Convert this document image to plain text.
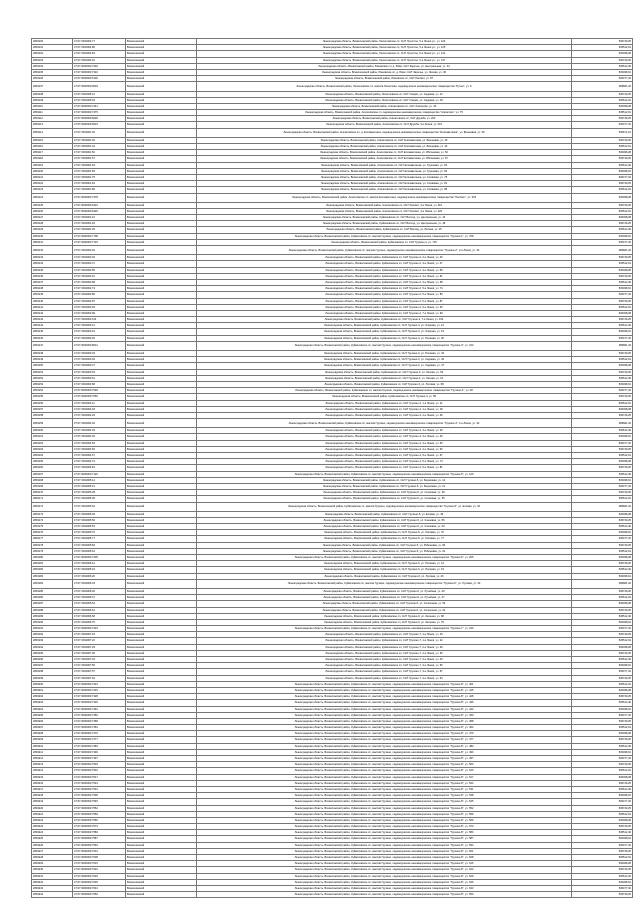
2803100	47:07:1502004:77	Всеволожский	Ленинградская область, Всеволожский район, Лесколовское сп, СНТ Лучистое, 5-я Линия ул., уч. 124	536749,25
2803101	47:07:1502004:80	Всеволожский	Ленинградская область, Всеволожский район, Лесколовское сп, СНТ Лучистое, 5-я Линия ул., уч. 125	536512,91
2803102	47:07:1502004:83	Всеволожский	Ленинградская область, Всеволожский район, Лесколовское сп, СНТ Лучистое, 6-я Линия ул., уч. 131	536498,28
2803103	47:07:1502004:91	Всеволожский	Ленинградская область, Всеволожский район, Лесколовское сп, СНТ Лучистое, 6-я Линия ул., уч. 137	536749,25
2803104	47:07:0000000:7302	Всеволожский	Ленинградская область, Всеволожский район, Юкковское сп, д. Юкки, СНТ Заречье, ул. Центральная, уч. 24	536512,40
2803105	47:07:0000000:7310	Всеволожский	Ленинградская область, Всеволожский район, Юкковское сп, д. Юкки, СНТ Заречье, ул. Лесная, уч. 36	536498,91
2803106	47:07:0000000:5118	Всеволожский	Ленинградская область, Всеволожский район, Юкковское сп, СНТ Рассвет, уч. 87	536477,32
2803107	47:07:0000000:9003	Всеволожский	Ленинградская область, Всеволожский район, Лесколовское сп, массив Лесколово, садоводческое некоммерческое товарищество "Ручьи", уч. 9	489681,32
2803108	47:07:1502005:12	Всеволожский	Ленинградская область, Всеволожский район, Лесколовское сп, СНТ Озерки, ул. Садовая, уч. 12	536749,25
2803109	47:07:1502005:18	Всеволожский	Ленинградская область, Всеволожский район, Лесколовское сп, СНТ Озерки, ул. Садовая, уч. 18	536512,91
2803110	47:07:0000000:7441	Всеволожский	Ленинградская область, Всеволожский район, Агалатовское сп, СНТ Агалатово, уч. 44	536498,28
2803111	47:07:0000000:7475	Всеволожский	Ленинградская область, Всеволожский район, Агалатовское сп, садоводческое некоммерческое товарищество "Агалатово", уч. 75	536512,91
2803112	47:07:0000000:8200	Всеволожский	Ленинградская область, Всеволожский район, Агалатовское сп, СНТ Дружба, уч. 200	536749,25
2803113	47:07:0000000:8215	Всеволожский	Ленинградская область, Всеволожский район, Агалатовское сп, СНТ Дружба, 3-я Линия, уч. 215	536477,32
2803114	47:07:1503001:36	Всеволожский	Ленинградская область, Всеволожский район, Агалатовское сп, д. Елизаветинка, садоводческое некоммерческое товарищество "Елизаветинка", ул. Вишневая, уч. 36	536671,16
2803115	47:07:1503001:40	Всеволожский	Ленинградская область, Всеволожский район, Агалатовское сп, СНТ Елизаветинка, ул. Вишневая, уч. 40	536749,25
2803116	47:07:1503001:44	Всеволожский	Ленинградская область, Всеволожский район, Агалатовское сп, СНТ Елизаветинка, ул. Вишневая, уч. 44	536512,91
2803117	47:07:1503001:52	Всеволожский	Ленинградская область, Всеволожский район, Агалатовское сп, СНТ Елизаветинка, ул. Яблоневая, уч. 52	536498,28
2803118	47:07:1503001:57	Всеволожский	Ленинградская область, Всеволожский район, Агалатовское сп, СНТ Елизаветинка, ул. Яблоневая, уч. 57	536749,25
2803119	47:07:1503001:63	Всеволожский	Ленинградская область, Всеволожский район, Агалатовское сп, СНТ Елизаветинка, ул. Грушевая, уч. 63	536512,40
2803120	47:07:1503001:69	Всеволожский	Ленинградская область, Всеволожский район, Агалатовское сп, СНТ Елизаветинка, ул. Грушевая, уч. 69	536498,91
2803121	47:07:1503001:75	Всеволожский	Ленинградская область, Всеволожский район, Агалатовское сп, СНТ Елизаветинка, ул. Сливовая, уч. 75	536477,32
2803122	47:07:1503001:81	Всеволожский	Ленинградская область, Всеволожский район, Агалатовское сп, СНТ Елизаветинка, ул. Сливовая, уч. 81	536749,25
2803123	47:07:1503001:86	Всеволожский	Ленинградская область, Всеволожский район, Агалатовское сп, СНТ Елизаветинка, ул. Сливовая, уч. 86	536512,91
2803124	47:07:0000000:7378	Всеволожский	Ленинградская область, Всеволожский район, Агалатовское сп, массив Елизаветинка, садоводческое некоммерческое товарищество "Рассвет", уч. 378	536498,28
2803125	47:07:0000000:6410	Всеволожский	Ленинградская область, Всеволожский район, Агалатовское сп, СНТ Рассвет, 4-я Линия, уч. 410	536749,25
2803126	47:07:0000000:6426	Всеволожский	Ленинградская область, Всеволожский район, Агалатовское сп, СНТ Рассвет, 4-я Линия, уч. 426	536512,91
2803127	47:07:1504001:10	Всеволожский	Ленинградская область, Всеволожский район, Куйвозовское сп, СНТ Восход, ул. Центральная, уч. 10	536498,28
2803128	47:07:1504001:18	Всеволожский	Ленинградская область, Всеволожский район, Куйвозовское сп, СНТ Восход, ул. Центральная, уч. 18	536749,25
2803129	47:07:1504001:25	Всеволожский	Ленинградская область, Всеволожский район, Куйвозовское сп, СНТ Восход, ул. Лесная, уч. 25	536512,40
2803130	47:07:0000000:7708	Всеволожский	Ленинградская область, Всеволожский район, Куйвозовское сп, массив Грузино, садоводческое некоммерческое товарищество "Грузино-1", уч. 708	536498,91
2803131	47:07:0000000:7715	Всеволожский	Ленинградская область, Всеволожский район, Куйвозовское сп, СНТ Грузино-1, уч. 715	536477,32
2803132	47:07:1504002:32	Всеволожский	Ленинградская область, Всеволожский район, Куйвозовское сп, массив Грузино, садоводческое некоммерческое товарищество "Грузино-2", 2-я Линия, уч. 32	489681,32
2803133	47:07:1504002:40	Всеволожский	Ленинградская область, Всеволожский район, Куйвозовское сп, СНТ Грузино-2, 2-я Линия, уч. 40	536749,25
2803134	47:07:1504002:47	Всеволожский	Ленинградская область, Всеволожский район, Куйвозовское сп, СНТ Грузино-2, 3-я Линия, уч. 47	536512,91
2803135	47:07:1504002:55	Всеволожский	Ленинградская область, Всеволожский район, Куйвозовское сп, СНТ Грузино-2, 3-я Линия, уч. 55	536498,28
2803136	47:07:1504002:61	Всеволожский	Ленинградская область, Всеволожский район, Куйвозовское сп, СНТ Грузино-2, 4-я Линия, уч. 61	536749,25
2803137	47:07:1504002:68	Всеволожский	Ленинградская область, Всеволожский район, Куйвозовское сп, СНТ Грузино-2, 4-я Линия, уч. 68	536512,40
2803138	47:07:1504002:74	Всеволожский	Ленинградская область, Всеволожский район, Куйвозовское сп, СНТ Грузино-2, 5-я Линия, уч. 74	536498,91
2803139	47:07:1504002:80	Всеволожский	Ленинградская область, Всеволожский район, Куйвозовское сп, СНТ Грузино-2, 5-я Линия, уч. 80	536477,32
2803140	47:07:1504002:87	Всеволожский	Ленинградская область, Всеволожский район, Куйвозовское сп, СНТ Грузино-2, 6-я Линия, уч. 87	536749,25
2803141	47:07:1504002:93	Всеволожский	Ленинградская область, Всеволожский район, Куйвозовское сп, СНТ Грузино-2, 6-я Линия, уч. 93	536512,91
2803142	47:07:1504002:99	Всеволожский	Ленинградская область, Всеволожский район, Куйвозовское сп, СНТ Грузино-2, 7-я Линия, уч. 99	536498,28
2803143	47:07:1504002:104	Всеволожский	Ленинградская область, Всеволожский район, Куйвозовское сп, СНТ Грузино-2, 7-я Линия, уч. 104	536749,25
2803144	47:07:1504003:12	Всеволожский	Ленинградская область, Всеволожский район, Куйвозовское сп, СНТ Грузино-3, ул. Озерная, уч. 12	536512,40
2803145	47:07:1504003:19	Всеволожский	Ленинградская область, Всеволожский район, Куйвозовское сп, СНТ Грузино-3, ул. Озерная, уч. 19	536498,91
2803146	47:07:1504003:26	Всеволожский	Ленинградская область, Всеволожский район, Куйвозовское сп, СНТ Грузино-3, ул. Полевая, уч. 26	536477,32
2803147	47:07:0000000:8012	Всеволожский	Ленинградская область, Всеволожский район, Куйвозовское сп, массив Грузино, садоводческое некоммерческое товарищество "Грузино-3", уч. 312	489681,32
2803148	47:07:1504003:33	Всеволожский	Ленинградская область, Всеволожский район, Куйвозовское сп, СНТ Грузино-3, ул. Полевая, уч. 33	536749,25
2803149	47:07:1504003:40	Всеволожский	Ленинградская область, Всеволожский район, Куйвозовское сп, СНТ Грузино-3, ул. Садовая, уч. 40	536512,91
2803150	47:07:1504003:47	Всеволожский	Ленинградская область, Всеволожский район, Куйвозовское сп, СНТ Грузино-3, ул. Садовая, уч. 47	536498,28
2803151	47:07:1504003:54	Всеволожский	Ленинградская область, Всеволожский район, Куйвозовское сп, СНТ Грузино-3, ул. Лесная, уч. 54	536749,25
2803152	47:07:1504003:61	Всеволожский	Ленинградская область, Всеволожский район, Куйвозовское сп, СНТ Грузино-3, ул. Лесная, уч. 61	536512,40
2803153	47:07:1504003:68	Всеволожский	Ленинградская область, Всеволожский район, Куйвозовское сп, СНТ Грузино-3, ул. Луговая, уч. 68	536498,91
2803154	47:07:0000000:7048	Всеволожский	Ленинградская область, Всеволожский район, Куйвозовское сп, массив Грузино, садоводческое некоммерческое товарищество "Грузино-4", уч. 48	536477,32
2803155	47:07:0000000:7055	Всеволожский	Ленинградская область, Всеволожский район, Куйвозовское сп, СНТ Грузино-4, уч. 55	536749,25
2803156	47:07:1504004:11	Всеволожский	Ленинградская область, Всеволожский район, Куйвозовское сп, СНТ Грузино-4, 1-я Линия, уч. 11	536512,91
2803157	47:07:1504004:18	Всеволожский	Ленинградская область, Всеволожский район, Куйвозовское сп, СНТ Грузино-4, 1-я Линия, уч. 18	536498,28
2803158	47:07:1504004:25	Всеволожский	Ленинградская область, Всеволожский район, Куйвозовское сп, СНТ Грузино-4, 2-я Линия, уч. 25	536749,25
2803159	47:07:1504004:32	Всеволожский	Ленинградская область, Всеволожский район, Куйвозовское сп, массив Грузино, садоводческое некоммерческое товарищество "Грузино-4", 2-я Линия, уч. 32	489681,32
2803160	47:07:1504004:39	Всеволожский	Ленинградская область, Всеволожский район, Куйвозовское сп, СНТ Грузино-4, 3-я Линия, уч. 39	536512,40
2803161	47:07:1504004:46	Всеволожский	Ленинградская область, Всеволожский район, Куйвозовское сп, СНТ Грузино-4, 3-я Линия, уч. 46	536498,91
2803162	47:07:1504004:53	Всеволожский	Ленинградская область, Всеволожский район, Куйвозовское сп, СНТ Грузино-4, 4-я Линия, уч. 53	536477,32
2803163	47:07:1504004:60	Всеволожский	Ленинградская область, Всеволожский район, Куйвозовское сп, СНТ Грузино-4, 4-я Линия, уч. 60	536749,25
2803164	47:07:1504004:67	Всеволожский	Ленинградская область, Всеволожский район, Куйвозовское сп, СНТ Грузино-4, 5-я Линия, уч. 67	536512,91
2803165	47:07:1504004:74	Всеволожский	Ленинградская область, Всеволожский район, Куйвозовское сп, СНТ Грузино-4, 5-я Линия, уч. 74	536498,28
2803166	47:07:1504004:81	Всеволожский	Ленинградская область, Всеволожский район, Куйвозовское сп, СНТ Грузино-4, 6-я Линия, уч. 81	536749,25
2803167	47:07:0000000:7120	Всеволожский	Ленинградская область, Всеволожский район, Куйвозовское сп, массив Грузино, садоводческое некоммерческое товарищество "Грузино-5", уч. 120	536512,40
2803168	47:07:1504005:14	Всеволожский	Ленинградская область, Всеволожский район, Куйвозовское сп, СНТ Грузино-5, ул. Березовая, уч. 14	536498,91
2803169	47:07:1504005:21	Всеволожский	Ленинградская область, Всеволожский район, Куйвозовское сп, СНТ Грузино-5, ул. Березовая, уч. 21	536477,32
2803170	47:07:1504005:28	Всеволожский	Ленинградская область, Всеволожский район, Куйвозовское сп, СНТ Грузино-5, ул. Сосновая, уч. 28	536749,25
2803171	47:07:1504005:35	Всеволожский	Ленинградская область, Всеволожский район, Куйвозовское сп, СНТ Грузино-5, ул. Сосновая, уч. 35	536512,91
2803172	47:07:1504005:42	Всеволожский	Ленинградская область, Всеволожский район, Куйвозовское сп, массив Грузино, садоводческое некоммерческое товарищество "Грузино-5", ул. Еловая, уч. 42	489681,32
2803173	47:07:1504005:49	Всеволожский	Ленинградская область, Всеволожский район, Куйвозовское сп, СНТ Грузино-5, ул. Еловая, уч. 49	536498,28
2803174	47:07:1504005:56	Всеволожский	Ленинградская область, Всеволожский район, Куйвозовское сп, СНТ Грузино-5, ул. Кленовая, уч. 56	536749,25
2803175	47:07:1504005:63	Всеволожский	Ленинградская область, Всеволожский район, Куйвозовское сп, СНТ Грузино-5, ул. Кленовая, уч. 63	536512,40
2803176	47:07:1504005:70	Всеволожский	Ленинградская область, Всеволожский район, Куйвозовское сп, СНТ Грузино-5, ул. Липовая, уч. 70	536498,91
2803177	47:07:1504005:77	Всеволожский	Ленинградская область, Всеволожский район, Куйвозовское сп, СНТ Грузино-5, ул. Липовая, уч. 77	536477,32
2803178	47:07:1504005:84	Всеволожский	Ленинградская область, Всеволожский район, Куйвозовское сп, СНТ Грузино-5, ул. Рябиновая, уч. 84	536749,25
2803179	47:07:1504005:91	Всеволожский	Ленинградская область, Всеволожский район, Куйвозовское сп, СНТ Грузино-5, ул. Рябиновая, уч. 91	536512,91
2803180	47:07:0000000:7205	Всеволожский	Ленинградская область, Всеволожский район, Куйвозовское сп, массив Грузино, садоводческое некоммерческое товарищество "Грузино-6", уч. 205	536498,28
2803181	47:07:1504006:12	Всеволожский	Ленинградская область, Всеволожский район, Куйвозовское сп, СНТ Грузино-6, ул. Полевая, уч. 12	536749,25
2803182	47:07:1504006:19	Всеволожский	Ленинградская область, Всеволожский район, Куйвозовское сп, СНТ Грузино-6, ул. Полевая, уч. 19	536512,40
2803183	47:07:1504006:26	Всеволожский	Ленинградская область, Всеволожский район, Куйвозовское сп, СНТ Грузино-6, ул. Луговая, уч. 26	536498,91
2803184	47:07:1504006:33	Всеволожский	Ленинградская область, Всеволожский район, Куйвозовское сп, массив Грузино, садоводческое некоммерческое товарищество "Грузино-6", ул. Луговая, уч. 33	489681,32
2803185	47:07:1504006:40	Всеволожский	Ленинградская область, Всеволожский район, Куйвозовское сп, СНТ Грузино-6, ул. Ручейная, уч. 40	536749,25
2803186	47:07:1504006:47	Всеволожский	Ленинградская область, Всеволожский район, Куйвозовское сп, СНТ Грузино-6, ул. Ручейная, уч. 47	536512,91
2803187	47:07:1504006:54	Всеволожский	Ленинградская область, Всеволожский район, Куйвозовское сп, СНТ Грузино-6, ул. Солнечная, уч. 54	536498,28
2803188	47:07:1504006:61	Всеволожский	Ленинградская область, Всеволожский район, Куйвозовское сп, СНТ Грузино-6, ул. Солнечная, уч. 61	536749,25
2803189	47:07:1504006:68	Всеволожский	Ленинградская область, Всеволожский район, Куйвозовское сп, СНТ Грузино-6, ул. Зеленая, уч. 68	536512,40
2803190	47:07:1504006:75	Всеволожский	Ленинградская область, Всеволожский район, Куйвозовское сп, СНТ Грузино-6, ул. Зеленая, уч. 75	536498,91
2803191	47:07:0000000:7310	Всеволожский	Ленинградская область, Всеволожский район, Куйвозовское сп, массив Грузино, садоводческое некоммерческое товарищество "Грузино-7", уч. 310	536477,32
2803192	47:07:1504007:15	Всеволожский	Ленинградская область, Всеволожский район, Куйвозовское сп, СНТ Грузино-7, 1-я Линия, уч. 15	536749,25
2803193	47:07:1504007:22	Всеволожский	Ленинградская область, Всеволожский район, Куйвозовское сп, СНТ Грузино-7, 1-я Линия, уч. 22	536512,91
2803194	47:07:1504007:29	Всеволожский	Ленинградская область, Всеволожский район, Куйвозовское сп, СНТ Грузино-7, 2-я Линия, уч. 29	536498,28
2803195	47:07:1504007:36	Всеволожский	Ленинградская область, Всеволожский район, Куйвозовское сп, СНТ Грузино-7, 2-я Линия, уч. 36	536749,25
2803196	47:07:1504007:43	Всеволожский	Ленинградская область, Всеволожский район, Куйвозовское сп, СНТ Грузино-7, 3-я Линия, уч. 43	536512,40
2803197	47:07:1504007:50	Всеволожский	Ленинградская область, Всеволожский район, Куйвозовское сп, СНТ Грузино-7, 3-я Линия, уч. 50	536498,91
2803198	47:07:1504007:57	Всеволожский	Ленинградская область, Всеволожский район, Куйвозовское сп, СНТ Грузино-7, 4-я Линия, уч. 57	536477,32
2803199	47:07:1504007:64	Всеволожский	Ленинградская область, Всеволожский район, Куйвозовское сп, СНТ Грузино-7, 4-я Линия, уч. 64	536749,25
2803200	47:07:0000000:7401	Всеволожский	Ленинградская область, Всеволожский район, Куйвозовское сп, массив Грузино, садоводческое некоммерческое товарищество "Грузино-8", уч. 401	536512,91
2803201	47:07:0000000:7415	Всеволожский	Ленинградская область, Всеволожский район, Куйвозовское сп, массив Грузино, садоводческое некоммерческое товарищество "Грузино-8", уч. 415	536498,28
2803202	47:07:0000000:7428	Всеволожский	Ленинградская область, Всеволожский район, Куйвозовское сп, массив Грузино, садоводческое некоммерческое товарищество "Грузино-8", уч. 428	536749,25
2803203	47:07:0000000:7436	Всеволожский	Ленинградская область, Всеволожский район, Куйвозовское сп, массив Грузино, садоводческое некоммерческое товарищество "Грузино-8", уч. 436	536512,40
2803204	47:07:0000000:7442	Всеволожский	Ленинградская область, Всеволожский район, Куйвозовское сп, массив Грузино, садоводческое некоммерческое товарищество "Грузино-8", уч. 442	536498,91
2803205	47:07:0000000:7450	Всеволожский	Ленинградская область, Всеволожский район, Куйвозовское сп, массив Грузино, садоводческое некоммерческое товарищество "Грузино-8", уч. 450	536477,32
2803206	47:07:0000000:7458	Всеволожский	Ленинградская область, Всеволожский район, Куйвозовское сп, массив Грузино, садоводческое некоммерческое товарищество "Грузино-8", уч. 458	536749,25
2803207	47:07:0000000:7464	Всеволожский	Ленинградская область, Всеволожский район, Куйвозовское сп, массив Грузино, садоводческое некоммерческое товарищество "Грузино-8", уч. 464	536512,91
2803208	47:07:0000000:7470	Всеволожский	Ленинградская область, Всеволожский район, Куйвозовское сп, массив Грузино, садоводческое некоммерческое товарищество "Грузино-8", уч. 470	536498,28
2803209	47:07:0000000:7477	Всеволожский	Ленинградская область, Всеволожский район, Куйвозовское сп, массив Грузино, садоводческое некоммерческое товарищество "Грузино-8", уч. 477	536749,25
2803210	47:07:0000000:7483	Всеволожский	Ленинградская область, Всеволожский район, Куйвозовское сп, массив Грузино, садоводческое некоммерческое товарищество "Грузино-8", уч. 483	536512,40
2803211	47:07:0000000:7490	Всеволожский	Ленинградская область, Всеволожский район, Куйвозовское сп, массив Грузино, садоводческое некоммерческое товарищество "Грузино-8", уч. 490	536498,91
2803212	47:07:0000000:7497	Всеволожский	Ленинградская область, Всеволожский район, Куйвозовское сп, массив Грузино, садоводческое некоммерческое товарищество "Грузино-8", уч. 497	536477,32
2803213	47:07:0000000:7503	Всеволожский	Ленинградская область, Всеволожский район, Куйвозовское сп, массив Грузино, садоводческое некоммерческое товарищество "Грузино-8", уч. 503	536749,25
2803214	47:07:0000000:7510	Всеволожский	Ленинградская область, Всеволожский район, Куйвозовское сп, массив Грузино, садоводческое некоммерческое товарищество "Грузино-8", уч. 510	536512,91
2803215	47:07:0000000:7517	Всеволожский	Ленинградская область, Всеволожский район, Куйвозовское сп, массив Грузино, садоводческое некоммерческое товарищество "Грузино-8", уч. 517	536498,28
2803216	47:07:0000000:7524	Всеволожский	Ленинградская область, Всеволожский район, Куйвозовское сп, массив Грузино, садоводческое некоммерческое товарищество "Грузино-8", уч. 524	536749,25
2803217	47:07:0000000:7531	Всеволожский	Ленинградская область, Всеволожский район, Куйвозовское сп, массив Грузино, садоводческое некоммерческое товарищество "Грузино-8", уч. 531	536512,40
2803218	47:07:0000000:7538	Всеволожский	Ленинградская область, Всеволожский район, Куйвозовское сп, массив Грузино, садоводческое некоммерческое товарищество "Грузино-8", уч. 538	536498,91
2803219	47:07:0000000:7545	Всеволожский	Ленинградская область, Всеволожский район, Куйвозовское сп, массив Грузино, садоводческое некоммерческое товарищество "Грузино-8", уч. 545	536477,32
2803220	47:07:0000000:7552	Всеволожский	Ленинградская область, Всеволожский район, Куйвозовское сп, массив Грузино, садоводческое некоммерческое товарищество "Грузино-8", уч. 552	536749,25
2803221	47:07:0000000:7559	Всеволожский	Ленинградская область, Всеволожский район, Куйвозовское сп, массив Грузино, садоводческое некоммерческое товарищество "Грузино-8", уч. 559	536512,91
2803222	47:07:0000000:7566	Всеволожский	Ленинградская область, Всеволожский район, Куйвозовское сп, массив Грузино, садоводческое некоммерческое товарищество "Грузино-8", уч. 566	536498,28
2803223	47:07:0000000:7573	Всеволожский	Ленинградская область, Всеволожский район, Куйвозовское сп, массив Грузино, садоводческое некоммерческое товарищество "Грузино-8", уч. 573	536749,25
2803224	47:07:0000000:7580	Всеволожский	Ленинградская область, Всеволожский район, Куйвозовское сп, массив Грузино, садоводческое некоммерческое товарищество "Грузино-8", уч. 580	536512,40
2803225	47:07:0000000:7587	Всеволожский	Ленинградская область, Всеволожский район, Куйвозовское сп, массив Грузино, садоводческое некоммерческое товарищество "Грузино-8", уч. 587	536498,91
2803226	47:07:0000000:7594	Всеволожский	Ленинградская область, Всеволожский район, Куйвозовское сп, массив Грузино, садоводческое некоммерческое товарищество "Грузино-8", уч. 594	536477,32
2803227	47:07:0000000:7601	Всеволожский	Ленинградская область, Всеволожский район, Куйвозовское сп, массив Грузино, садоводческое некоммерческое товарищество "Грузино-8", уч. 601	536749,25
2803228	47:07:0000000:7608	Всеволожский	Ленинградская область, Всеволожский район, Куйвозовское сп, массив Грузино, садоводческое некоммерческое товарищество "Грузино-8", уч. 608	536512,91
2803229	47:07:0000000:7615	Всеволожский	Ленинградская область, Всеволожский район, Куйвозовское сп, массив Грузино, садоводческое некоммерческое товарищество "Грузино-8", уч. 615	536498,28
2803230	47:07:0000000:7622	Всеволожский	Ленинградская область, Всеволожский район, Куйвозовское сп, массив Грузино, садоводческое некоммерческое товарищество "Грузино-8", уч. 622	536749,25
2803231	47:07:0000000:7629	Всеволожский	Ленинградская область, Всеволожский район, Куйвозовское сп, массив Грузино, садоводческое некоммерческое товарищество "Грузино-8", уч. 629	536512,40
2803232	47:07:0000000:7636	Всеволожский	Ленинградская область, Всеволожский район, Куйвозовское сп, массив Грузино, садоводческое некоммерческое товарищество "Грузино-8", уч. 636	536498,91
2803233	47:07:0000000:7643	Всеволожский	Ленинградская область, Всеволожский район, Куйвозовское сп, массив Грузино, садоводческое некоммерческое товарищество "Грузино-8", уч. 643	536477,32
2803234	47:07:0000000:7650	Всеволожский	Ленинградская область, Всеволожский район, Куйвозовское сп, массив Грузино, садоводческое некоммерческое товарищество "Грузино-8", уч. 650	536749,25
